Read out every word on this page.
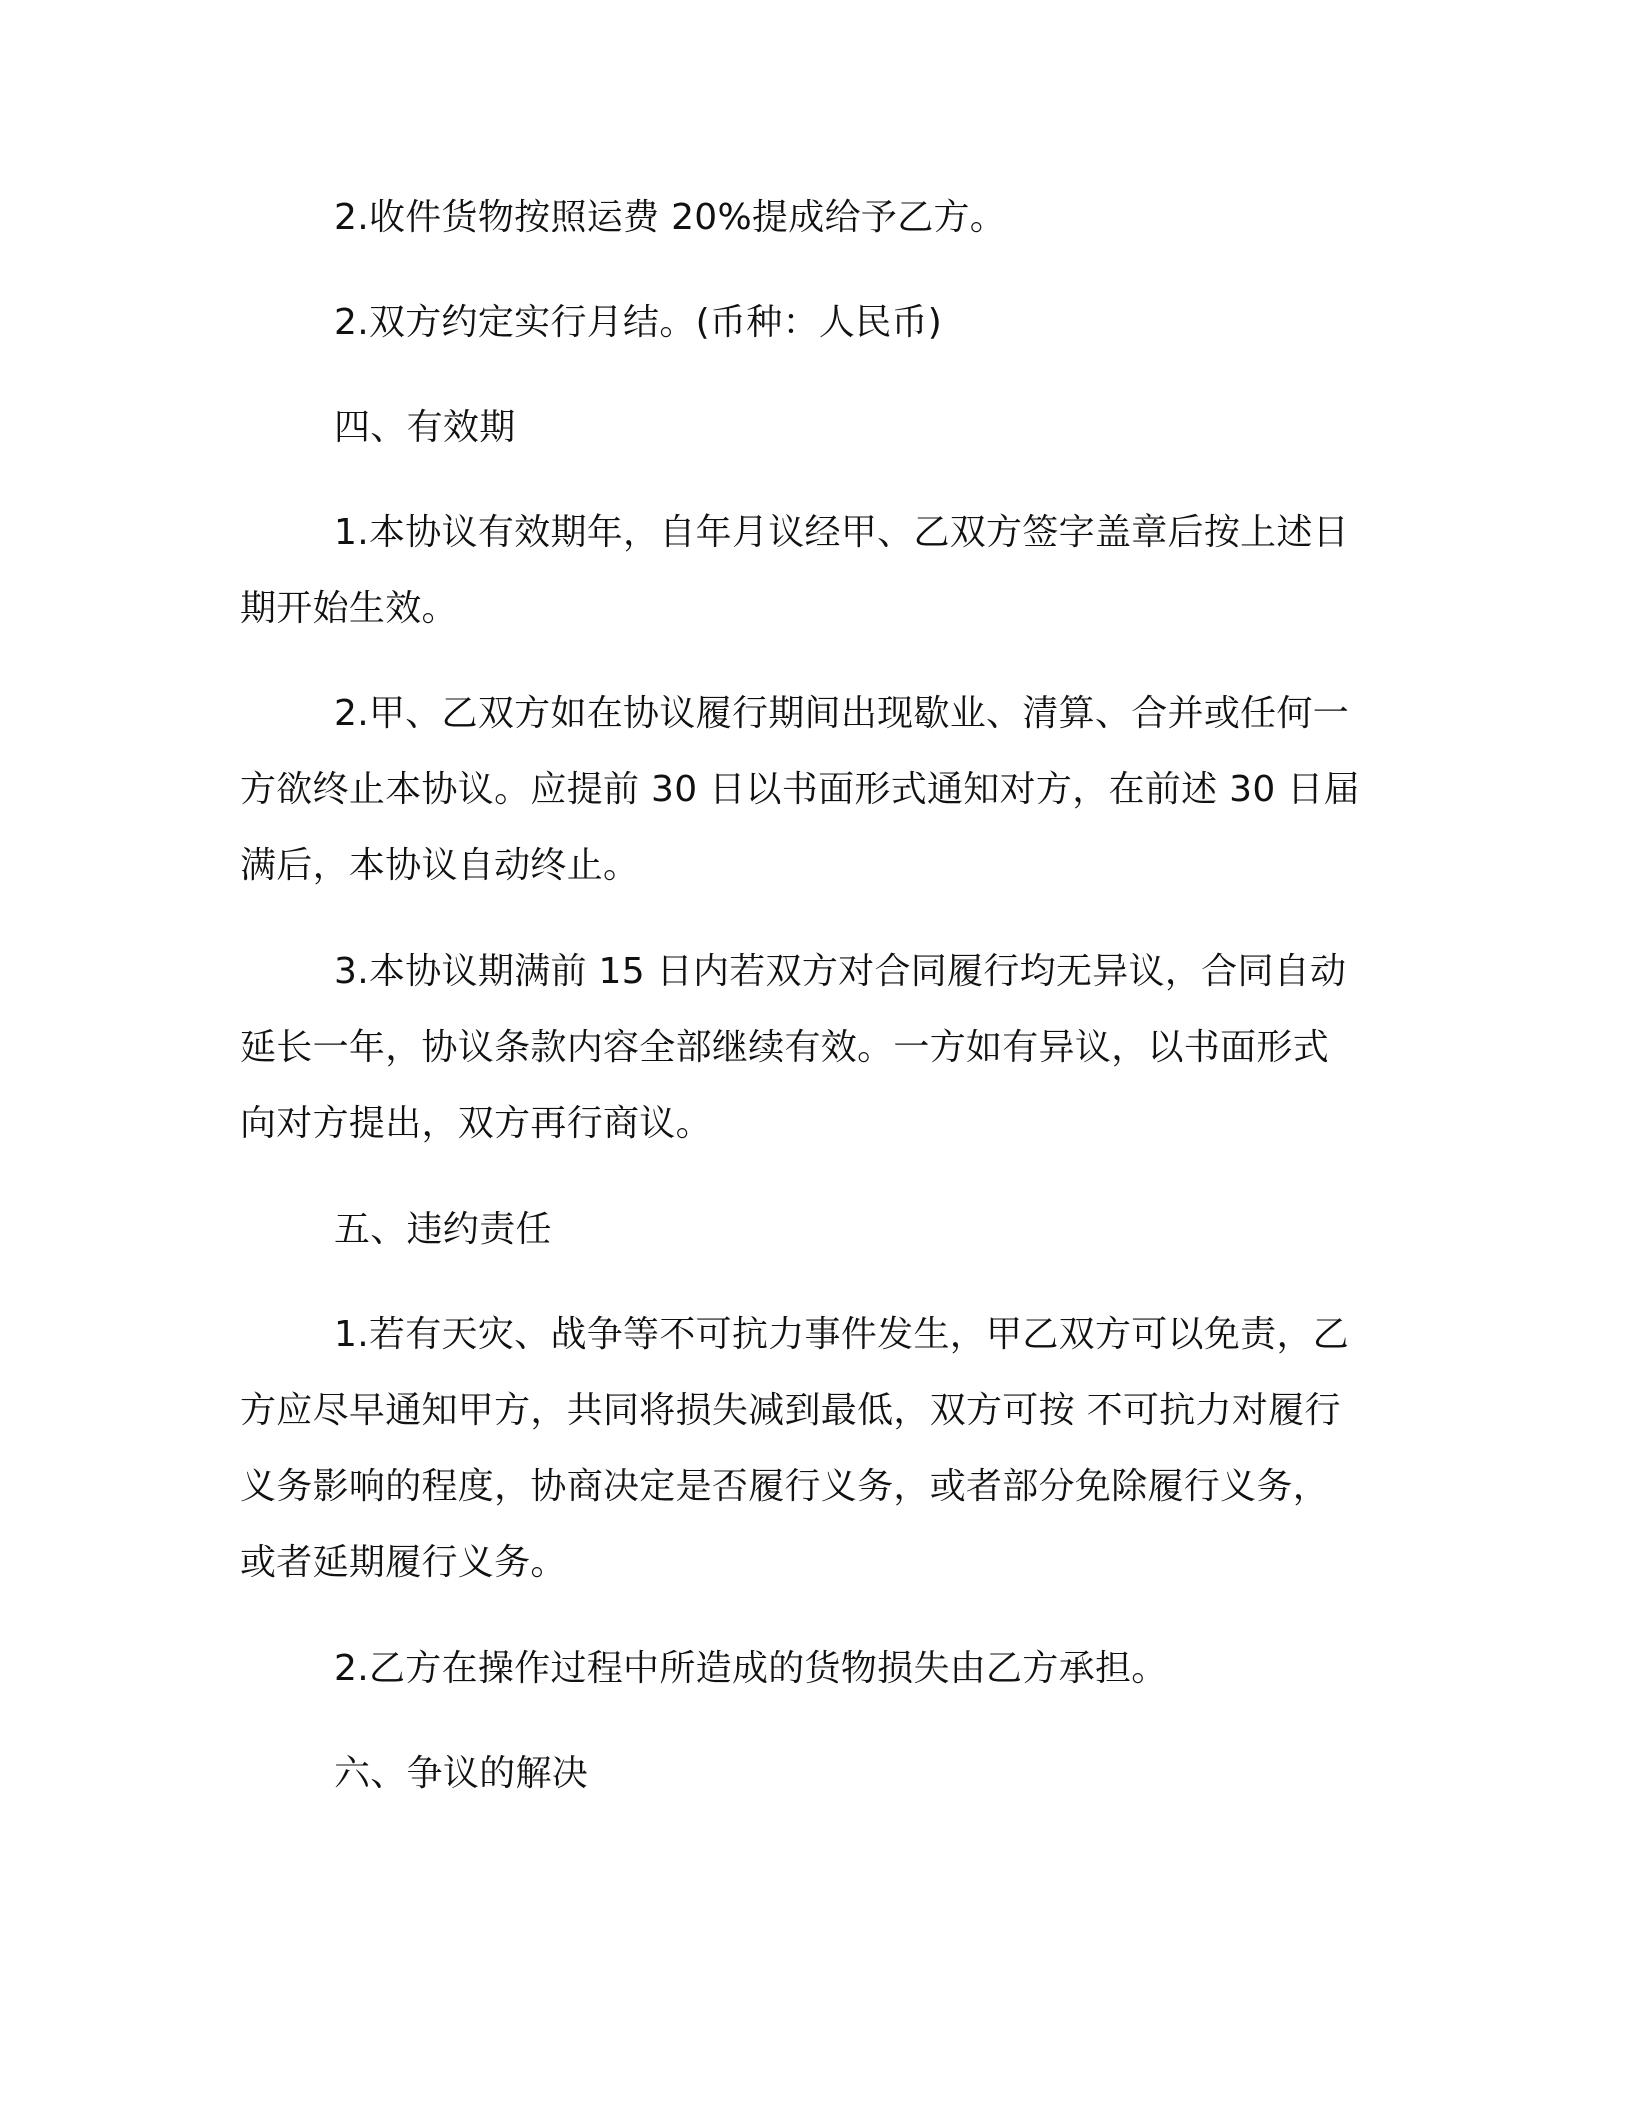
2.收件货物按照运费 20%提成给予乙方。

2.双方约定实行月结。(币种：人民币)

四、有效期

1.本协议有效期年，自年月议经甲、乙双方签字盖章后按上述日期开始生效。

2.甲、乙双方如在协议履行期间出现歇业、清算、合并或任何一方欲终止本协议。应提前 30 日以书面形式通知对方，在前述 30 日届满后，本协议自动终止。

3.本协议期满前 15 日内若双方对合同履行均无异议，合同自动延长一年，协议条款内容全部继续有效。一方如有异议，以书面形式向对方提出，双方再行商议。

五、违约责任

1.若有天灾、战争等不可抗力事件发生，甲乙双方可以免责，乙方应尽早通知甲方，共同将损失减到最低，双方可按 不可抗力对履行义务影响的程度，协商决定是否履行义务，或者部分免除履行义务，或者延期履行义务。

2.乙方在操作过程中所造成的货物损失由乙方承担。

六、争议的解决
